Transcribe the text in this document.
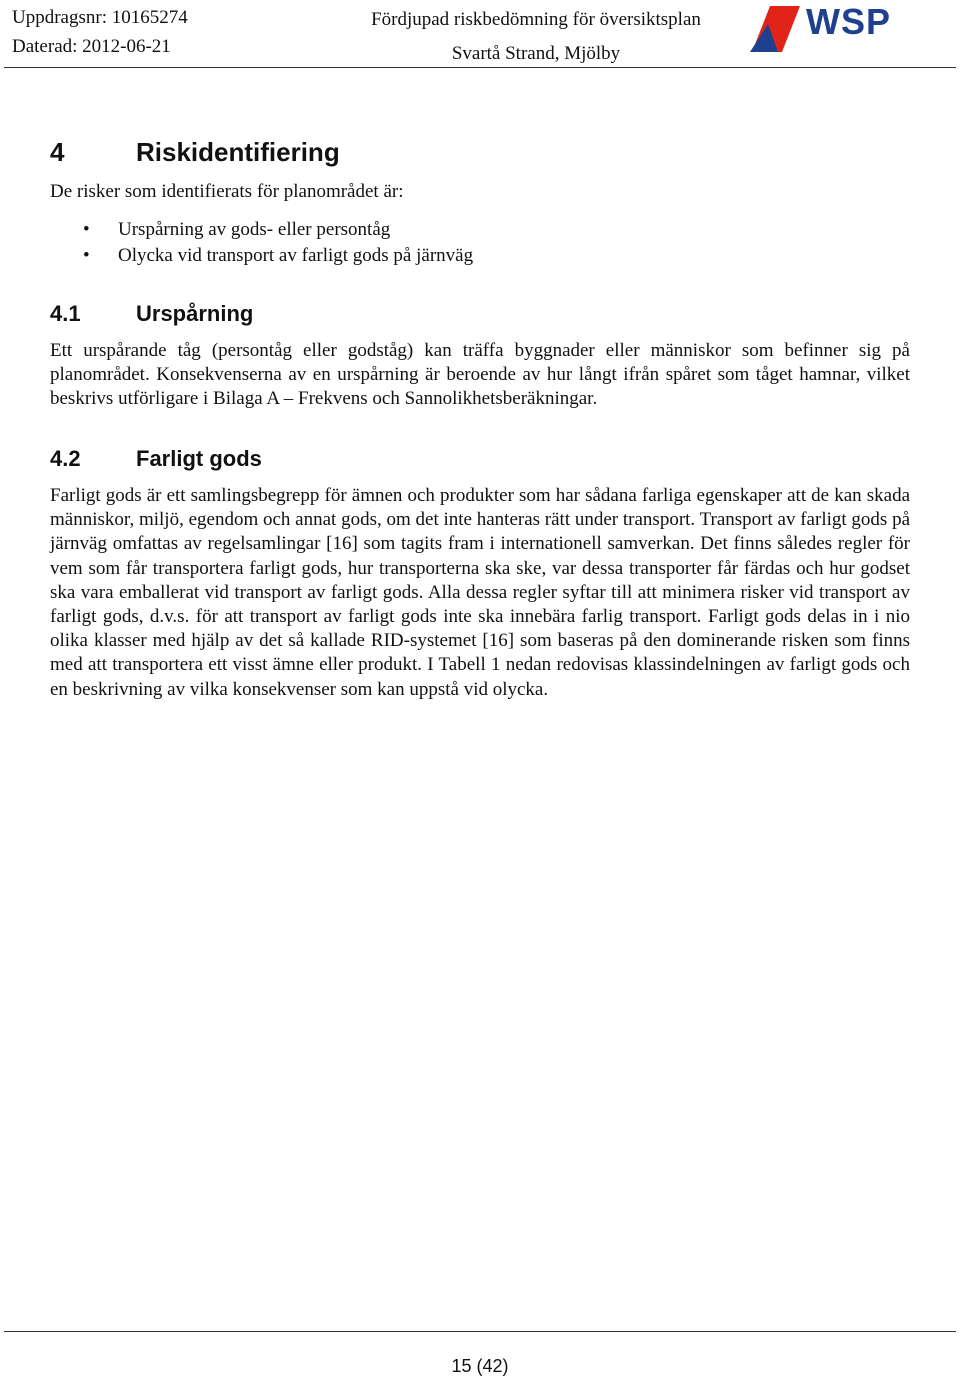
Uppdragsnr: 10165274
Daterad: 2012-06-21
Fördjupad riskbedömning för översiktsplan
Svartå Strand, Mjölby
WSP
4	Riskidentifiering

De risker som identifierats för planområdet är:

• Urspårning av gods- eller persontåg
• Olycka vid transport av farligt gods på järnväg
4.1	Urspårning

Ett urspårande tåg (persontåg eller godståg) kan träffa byggnader eller människor som befinner sig på planområdet. Konsekvenserna av en urspårning är beroende av hur långt ifrån spåret som tåget hamnar, vilket beskrivs utförligare i Bilaga A – Frekvens och Sannolikhetsberäkningar.

4.2	Farligt gods

Farligt gods är ett samlingsbegrepp för ämnen och produkter som har sådana farliga egenskaper att de kan skada människor, miljö, egendom och annat gods, om det inte hanteras rätt under transport. Transport av farligt gods på järnväg omfattas av regelsamlingar [16] som tagits fram i internationell samverkan. Det finns således regler för vem som får transportera farligt gods, hur transporterna ska ske, var dessa transporter får färdas och hur godset ska vara emballerat vid transport av farligt gods. Alla dessa regler syftar till att minimera risker vid transport av farligt gods, d.v.s. för att transport av farligt gods inte ska innebära farlig transport. Farligt gods delas in i nio olika klasser med hjälp av det så kallade RID-systemet [16] som baseras på den dominerande risken som finns med att transportera ett visst ämne eller produkt. I Tabell 1 nedan redovisas klassindelningen av farligt gods och en beskrivning av vilka konsekvenser som kan uppstå vid olycka.

15 (42)
